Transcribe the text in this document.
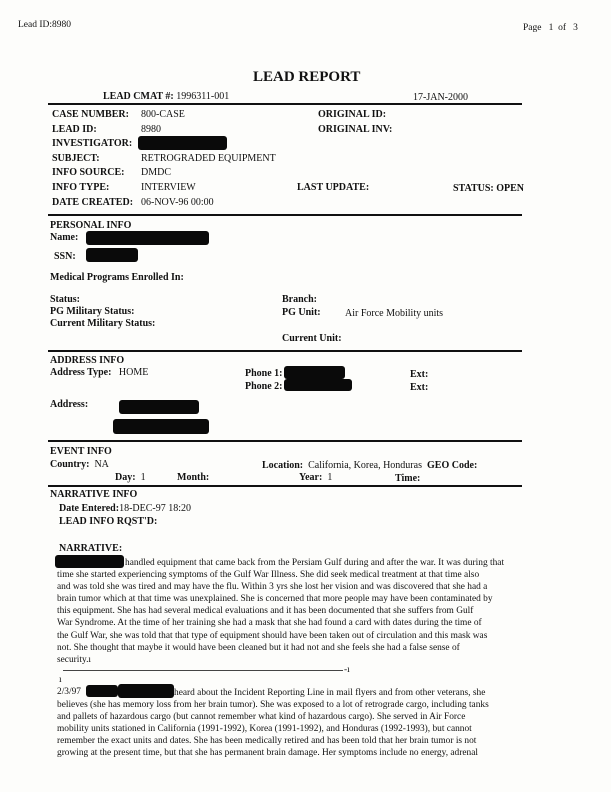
Lead ID:8980	Page 1 of 3
LEAD REPORT
LEAD CMAT #: 1996311-001	17-JAN-2000
CASE NUMBER: 800-CASE
LEAD ID:	8980
INVESTIGATOR:
SUBJECT:	RETROGRADED EQUIPMENT
INFO SOURCE: DMDC
INFO TYPE:	INTERVIEW
DATE CREATED: 06-NOV-96 00:00
ORIGINAL ID:
ORIGINAL INV:
LAST UPDATE:	STATUS: OPEN
PERSONAL INFO
Name:
SSN:
Medical Programs Enrolled In:
Status:
PG Military Status:
Current Military Status:
Branch:
PG Unit: Air Force Mobility units
Current Unit:
ADDRESS INFO
Address Type: HOME	Phone 1:
Phone 2:
Ext:
Ext:
Address:
EVENT INFO
Country: NA
Day: 1	Month:
Location: California, Korea, Honduras GEO Code:
Year: 1	Time:
NARRATIVE INFO
Date Entered:18-DEC-97 18:20
LEAD INFO RQST'D:
NARRATIVE:
handled equipment that came back from the Persiam Gulf during and after the war. It was during that
time she started experiencing symptoms of the Gulf War Illness. She did seek medical treatment at that time also
and was told she was tired and may have the flu. Within 3 yrs she lost her vision and was discovered that she had a
brain tumor which at that time was unexplained. She is concerned that more people may have been contaminated by
this equipment. She has had several medical evaluations and it has been documented that she suffers from Gulf
War Syndrome. At the time of her training she had a mask that she had found a card with dates during the time of
the Gulf War, she was told that that type of equipment should have been taken out of circulation and this mask was
not. She thought that maybe it would have been cleaned but it had not and she feels she had a false sense of
security.ı
-ı
ı
2/3/97	heard about the Incident Reporting Line in mail flyers and from other veterans, she
believes (she has memory loss from her brain tumor). She was exposed to a lot of retrograde cargo, including tanks
and pallets of hazardous cargo (but cannot remember what kind of hazardous cargo). She served in Air Force
mobility units stationed in California (1991-1992), Korea (1991-1992), and Honduras (1992-1993), but cannot
remember the exact units and dates. She has been medically retired and has been told that her brain tumor is not
growing at the present time, but that she has permanent brain damage. Her symptoms include no energy, adrenal
